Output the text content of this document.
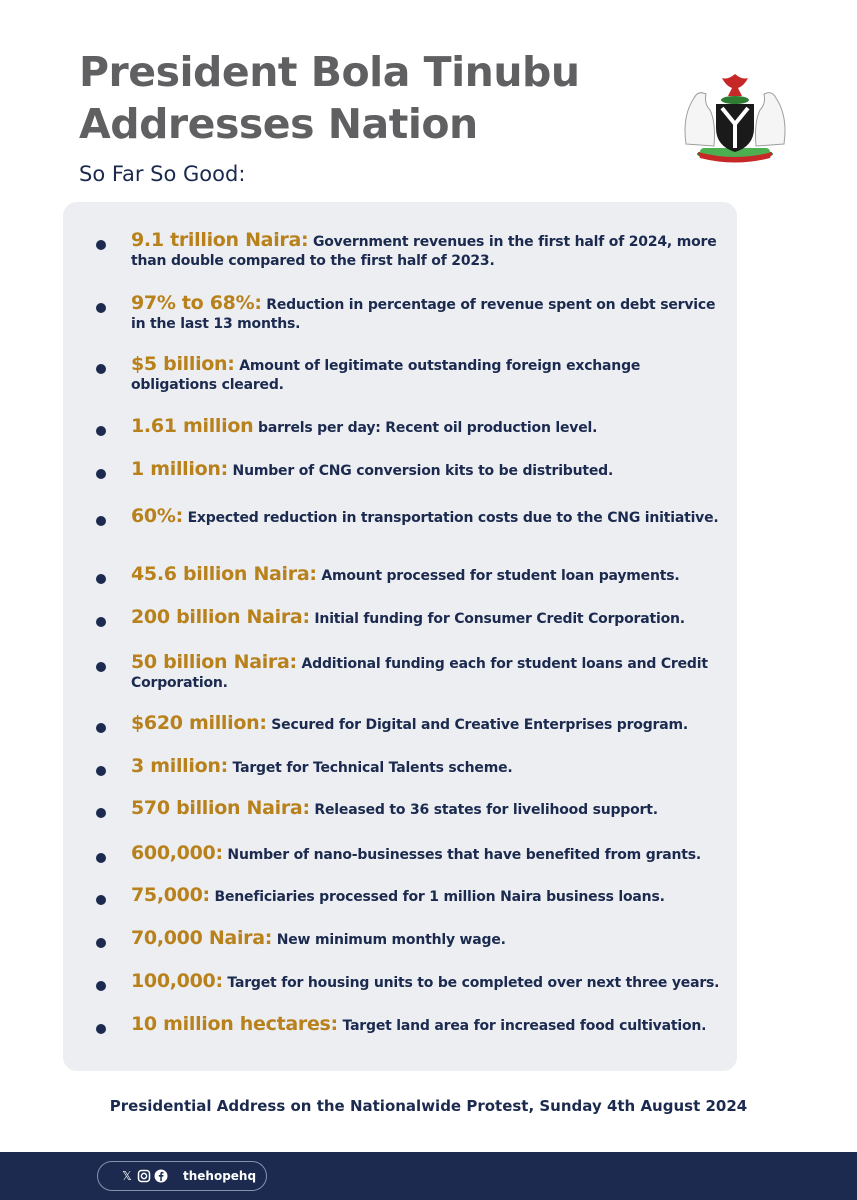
President Bola Tinubu
Addresses Nation
So Far So Good:
9.1 trillion Naira: Government revenues in the first half of 2024, more than double compared to the first half of 2023.
97% to 68%: Reduction in percentage of revenue spent on debt service in the last 13 months.
$5 billion: Amount of legitimate outstanding foreign exchange obligations cleared.
1.61 million barrels per day: Recent oil production level.
1 million: Number of CNG conversion kits to be distributed.
60%: Expected reduction in transportation costs due to the CNG initiative.
45.6 billion Naira: Amount processed for student loan payments.
200 billion Naira: Initial funding for Consumer Credit Corporation.
50 billion Naira: Additional funding each for student loans and Credit Corporation.
$620 million: Secured for Digital and Creative Enterprises program.
3 million: Target for Technical Talents scheme.
570 billion Naira: Released to 36 states for livelihood support.
600,000: Number of nano-businesses that have benefited from grants.
75,000: Beneficiaries processed for 1 million Naira business loans.
70,000 Naira: New minimum monthly wage.
100,000: Target for housing units to be completed over next three years.
10 million hectares: Target land area for increased food cultivation.
Presidential Address on the Nationalwide Protest, Sunday 4th August 2024
𝕏	thehopehq
